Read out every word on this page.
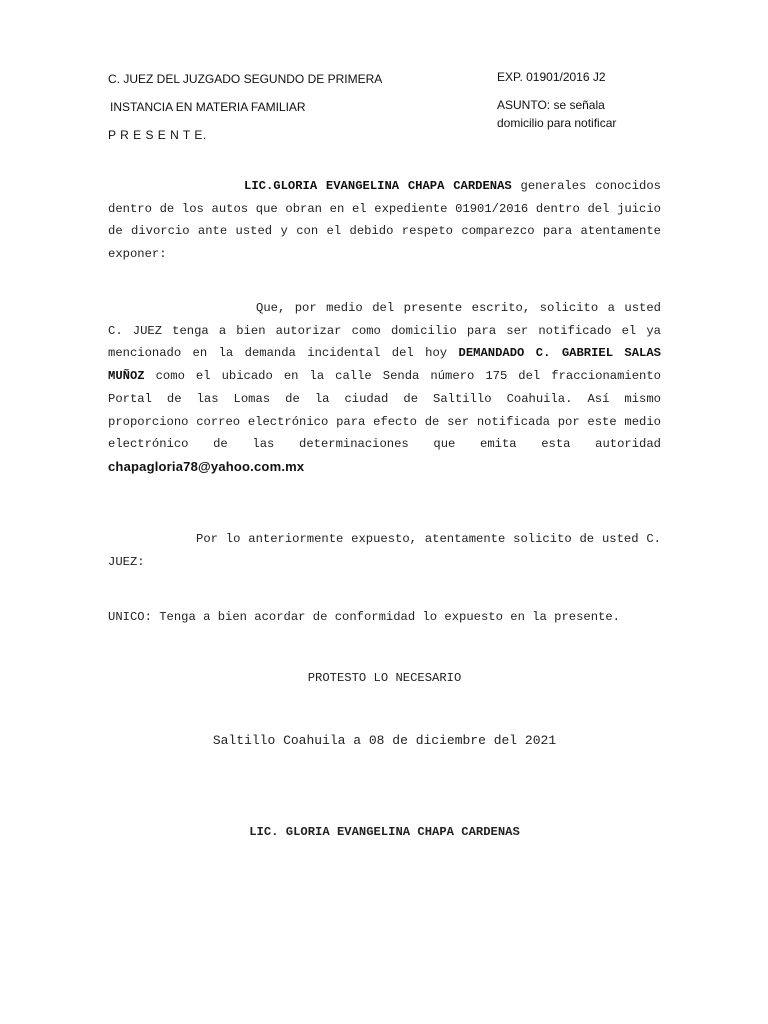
C. JUEZ DEL JUZGADO SEGUNDO DE PRIMERA
INSTANCIA EN MATERIA FAMILIAR
P R E S E N T E.
EXP. 01901/2016 J2
ASUNTO: se señala
domicilio para notificar
LIC.GLORIA EVANGELINA CHAPA CARDENAS generales conocidos dentro de los autos que obran en el expediente 01901/2016 dentro del juicio de divorcio ante usted y con el debido respeto comparezco para atentamente exponer:
Que, por medio del presente escrito, solicito a usted C. JUEZ tenga a bien autorizar como domicilio para ser notificado el ya mencionado en la demanda incidental del hoy DEMANDADO C. GABRIEL SALAS MUÑOZ como el ubicado en la calle Senda número 175 del fraccionamiento Portal de las Lomas de la ciudad de Saltillo Coahuila. Así mismo proporciono correo electrónico para efecto de ser notificada por este medio electrónico de las determinaciones que emita esta autoridad chapagloria78@yahoo.com.mx
Por lo anteriormente expuesto, atentamente solicito de usted C. JUEZ:
UNICO: Tenga a bien acordar de conformidad lo expuesto en la presente.
PROTESTO LO NECESARIO
Saltillo Coahuila a 08 de diciembre del 2021
LIC. GLORIA EVANGELINA CHAPA CARDENAS
